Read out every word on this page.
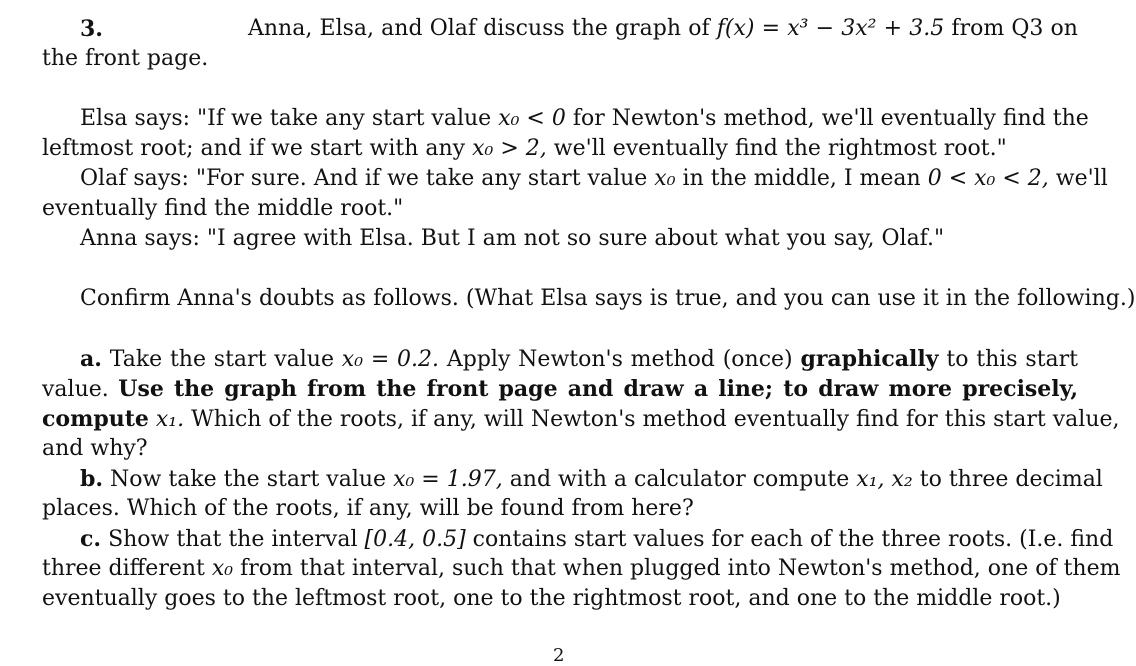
3.	Anna, Elsa, and Olaf discuss the graph of f(x) = x³ − 3x² + 3.5 from Q3 on
the front page.
Elsa says: "If we take any start value x₀ < 0 for Newton's method, we'll eventually find the
leftmost root; and if we start with any x₀ > 2, we'll eventually find the rightmost root."
Olaf says: "For sure. And if we take any start value x₀ in the middle, I mean 0 < x₀ < 2, we'll
eventually find the middle root."
Anna says: "I agree with Elsa. But I am not so sure about what you say, Olaf."
Confirm Anna's doubts as follows. (What Elsa says is true, and you can use it in the following.)
a. Take the start value x₀ = 0.2. Apply Newton's method (once) graphically to this start
value. Use the graph from the front page and draw a line; to draw more precisely,
compute x₁. Which of the roots, if any, will Newton's method eventually find for this start value,
and why?
b. Now take the start value x₀ = 1.97, and with a calculator compute x₁, x₂ to three decimal
places. Which of the roots, if any, will be found from here?
c. Show that the interval [0.4, 0.5] contains start values for each of the three roots. (I.e. find
three different x₀ from that interval, such that when plugged into Newton's method, one of them
eventually goes to the leftmost root, one to the rightmost root, and one to the middle root.)
2
